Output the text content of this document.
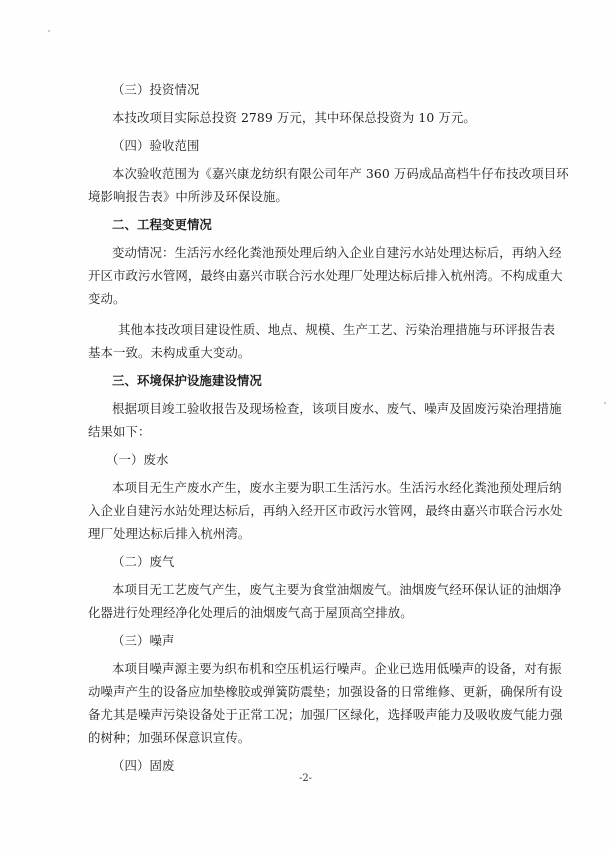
（三）投资情况
本技改项目实际总投资 2789 万元，其中环保总投资为 10 万元。
（四）验收范围
本次验收范围为《嘉兴康龙纺织有限公司年产 360 万码成品高档牛仔布技改项目环
境影响报告表》中所涉及环保设施。
二、工程变更情况
变动情况：生活污水经化粪池预处理后纳入企业自建污水站处理达标后，再纳入经
开区市政污水管网，最终由嘉兴市联合污水处理厂处理达标后排入杭州湾。不构成重大
变动。
其他本技改项目建设性质、地点、规模、生产工艺、污染治理措施与环评报告表
基本一致。未构成重大变动。
三、环境保护设施建设情况
根据项目竣工验收报告及现场检查，该项目废水、废气、噪声及固废污染治理措施
结果如下：
（一）废水
本项目无生产废水产生，废水主要为职工生活污水。生活污水经化粪池预处理后纳
入企业自建污水站处理达标后，再纳入经开区市政污水管网，最终由嘉兴市联合污水处
理厂处理达标后排入杭州湾。
（二）废气
本项目无工艺废气产生，废气主要为食堂油烟废气。油烟废气经环保认证的油烟净
化器进行处理经净化处理后的油烟废气高于屋顶高空排放。
（三）噪声
本项目噪声源主要为织布机和空压机运行噪声。企业已选用低噪声的设备，对有振
动噪声产生的设备应加垫橡胶或弹簧防震垫；加强设备的日常维修、更新，确保所有设
备尤其是噪声污染设备处于正常工况；加强厂区绿化，选择吸声能力及吸收废气能力强
的树种；加强环保意识宣传。
（四）固废
-2-
